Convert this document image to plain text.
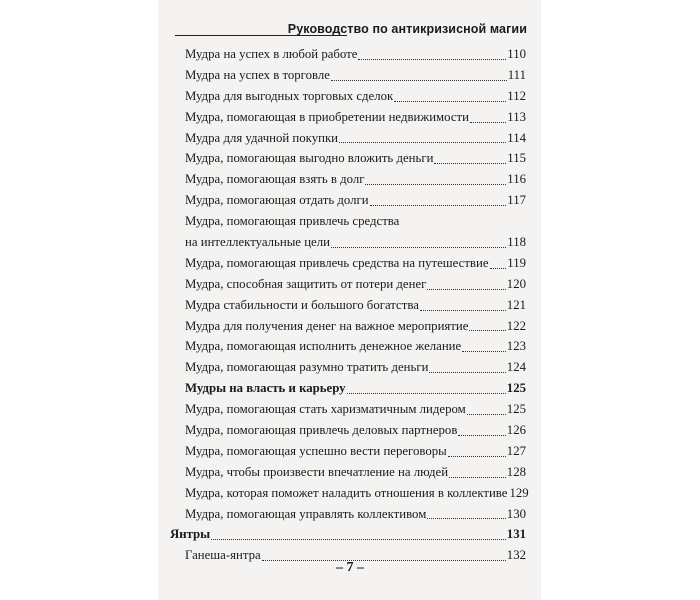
Руководство по антикризисной магии
Мудра на успех в любой работе	110
Мудра на успех в торговле	111
Мудра для выгодных торговых сделок	112
Мудра, помогающая в приобретении недвижимости	113
Мудра для удачной покупки	114
Мудра, помогающая выгодно вложить деньги	115
Мудра, помогающая взять в долг	116
Мудра, помогающая отдать долги	117
Мудра, помогающая привлечь средства
на интеллектуальные цели	118
Мудра, помогающая привлечь средства на путешествие 119
Мудра, способная защитить от потери денег	120
Мудра стабильности и большого богатства	121
Мудра для получения денег на важное мероприятие	122
Мудра, помогающая исполнить денежное желание	123
Мудра, помогающая разумно тратить деньги	124
Мудры на власть и карьеру	125
Мудра, помогающая стать харизматичным лидером	125
Мудра, помогающая привлечь деловых партнеров	126
Мудра, помогающая успешно вести переговоры	127
Мудра, чтобы произвести впечатление на людей	128
Мудра, которая поможет наладить отношения в коллективе 129
Мудра, помогающая управлять коллективом	130
Янтры	131
Ганеша-янтра	132
– 7 –
